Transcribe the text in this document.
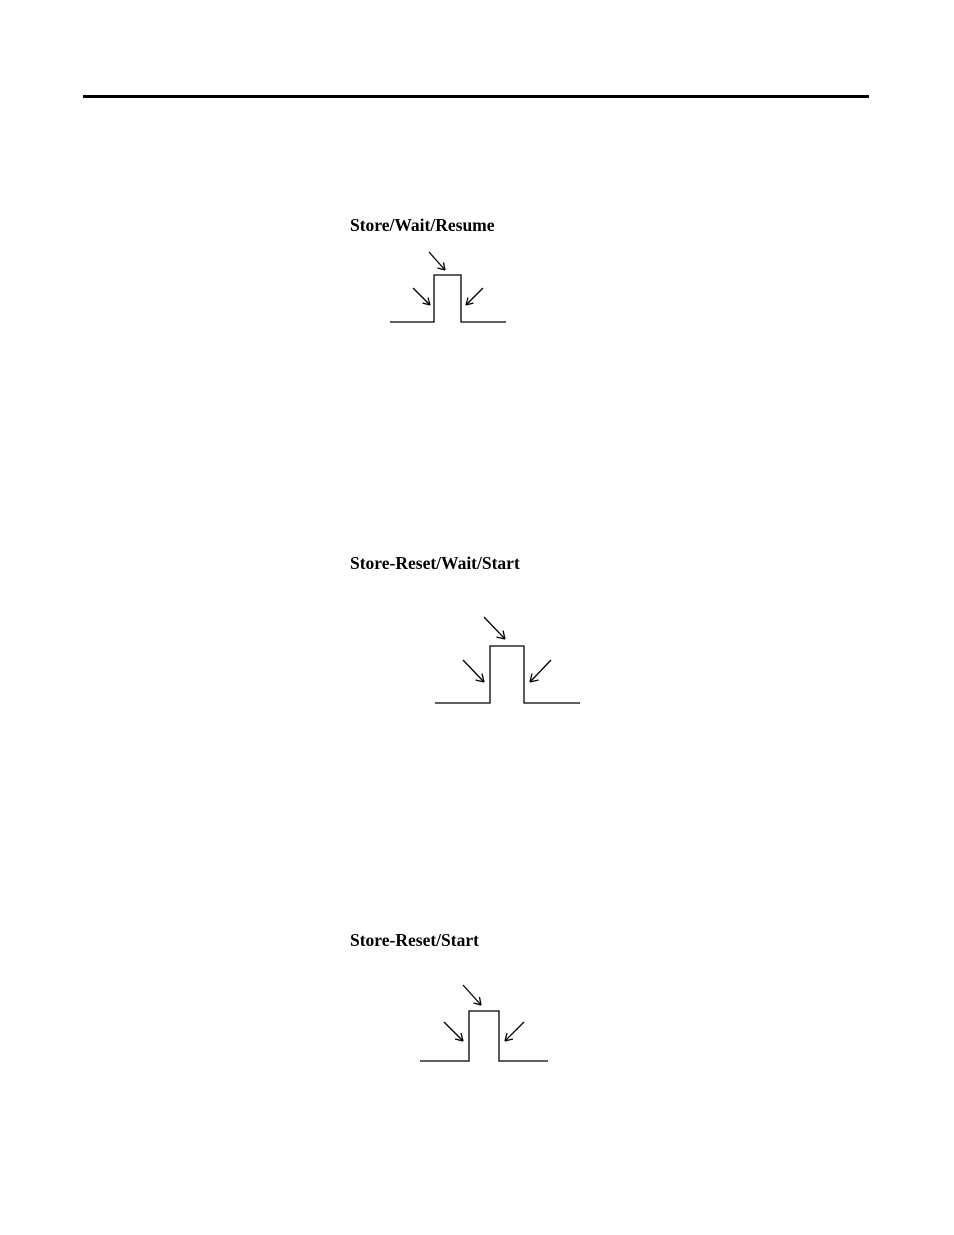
Store/Wait/Resume
Store-Reset/Wait/Start
Store-Reset/Start
